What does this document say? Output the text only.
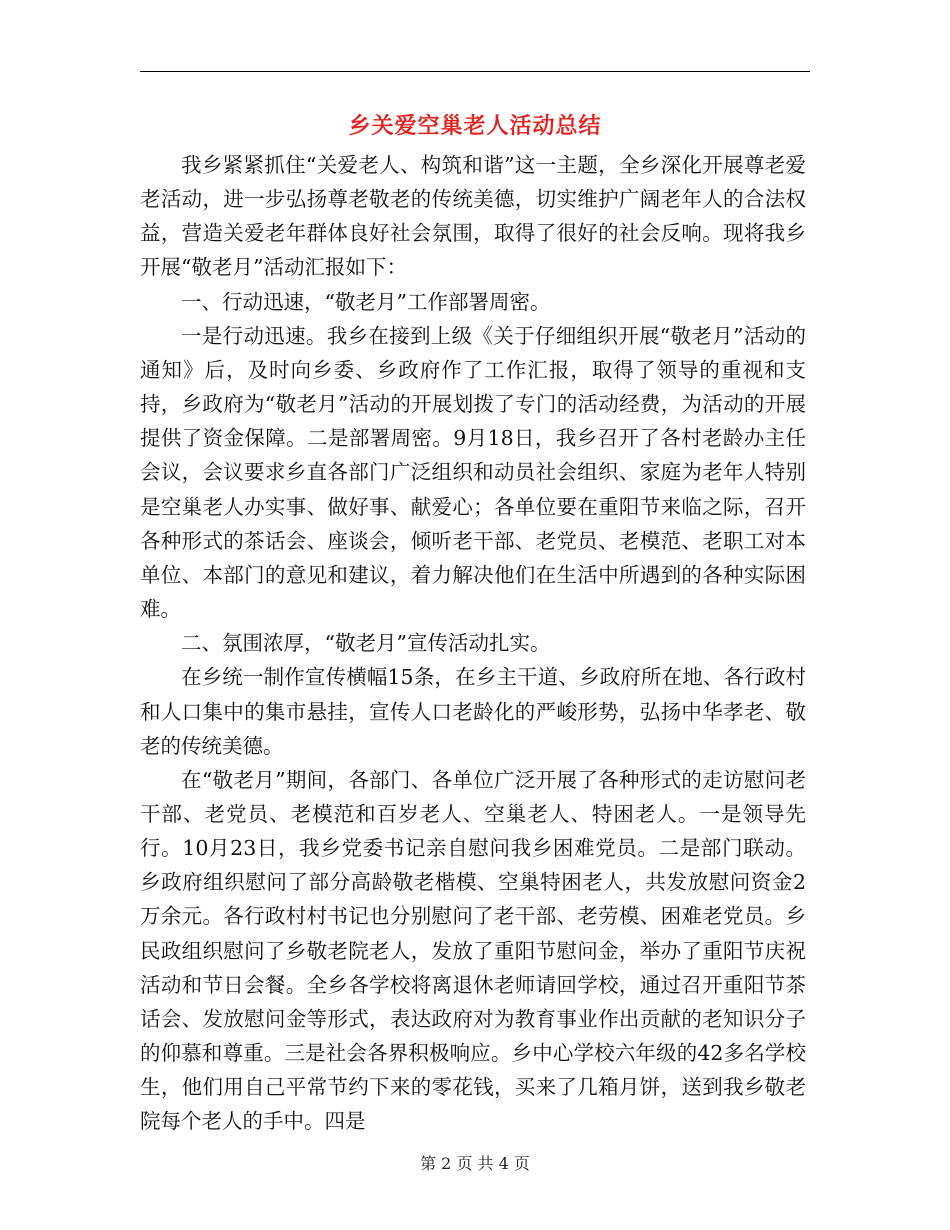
乡关爱空巢老人活动总结

我乡紧紧抓住“关爱老人、构筑和谐”这一主题，全乡深化开展尊老爱老活动，进一步弘扬尊老敬老的传统美德，切实维护广阔老年人的合法权益，营造关爱老年群体良好社会氛围，取得了很好的社会反响。现将我乡开展“敬老月”活动汇报如下：

一、行动迅速，“敬老月”工作部署周密。

一是行动迅速。我乡在接到上级《关于仔细组织开展“敬老月”活动的通知》后，及时向乡委、乡政府作了工作汇报，取得了领导的重视和支持，乡政府为“敬老月”活动的开展划拨了专门的活动经费，为活动的开展提供了资金保障。二是部署周密。9月18日，我乡召开了各村老龄办主任会议，会议要求乡直各部门广泛组织和动员社会组织、家庭为老年人特别是空巢老人办实事、做好事、献爱心；各单位要在重阳节来临之际，召开各种形式的茶话会、座谈会，倾听老干部、老党员、老模范、老职工对本单位、本部门的意见和建议，着力解决他们在生活中所遇到的各种实际困难。

二、氛围浓厚，“敬老月”宣传活动扎实。

在乡统一制作宣传横幅15条，在乡主干道、乡政府所在地、各行政村和人口集中的集市悬挂，宣传人口老龄化的严峻形势，弘扬中华孝老、敬老的传统美德。

在“敬老月”期间，各部门、各单位广泛开展了各种形式的走访慰问老干部、老党员、老模范和百岁老人、空巢老人、特困老人。一是领导先行。10月23日，我乡党委书记亲自慰问我乡困难党员。二是部门联动。乡政府组织慰问了部分高龄敬老楷模、空巢特困老人，共发放慰问资金2万余元。各行政村村书记也分别慰问了老干部、老劳模、困难老党员。乡民政组织慰问了乡敬老院老人，发放了重阳节慰问金，举办了重阳节庆祝活动和节日会餐。全乡各学校将离退休老师请回学校，通过召开重阳节茶话会、发放慰问金等形式，表达政府对为教育事业作出贡献的老知识分子的仰慕和尊重。三是社会各界积极响应。乡中心学校六年级的42多名学校生，他们用自己平常节约下来的零花钱，买来了几箱月饼，送到我乡敬老院每个老人的手中。四是

第 2 页 共 4 页
